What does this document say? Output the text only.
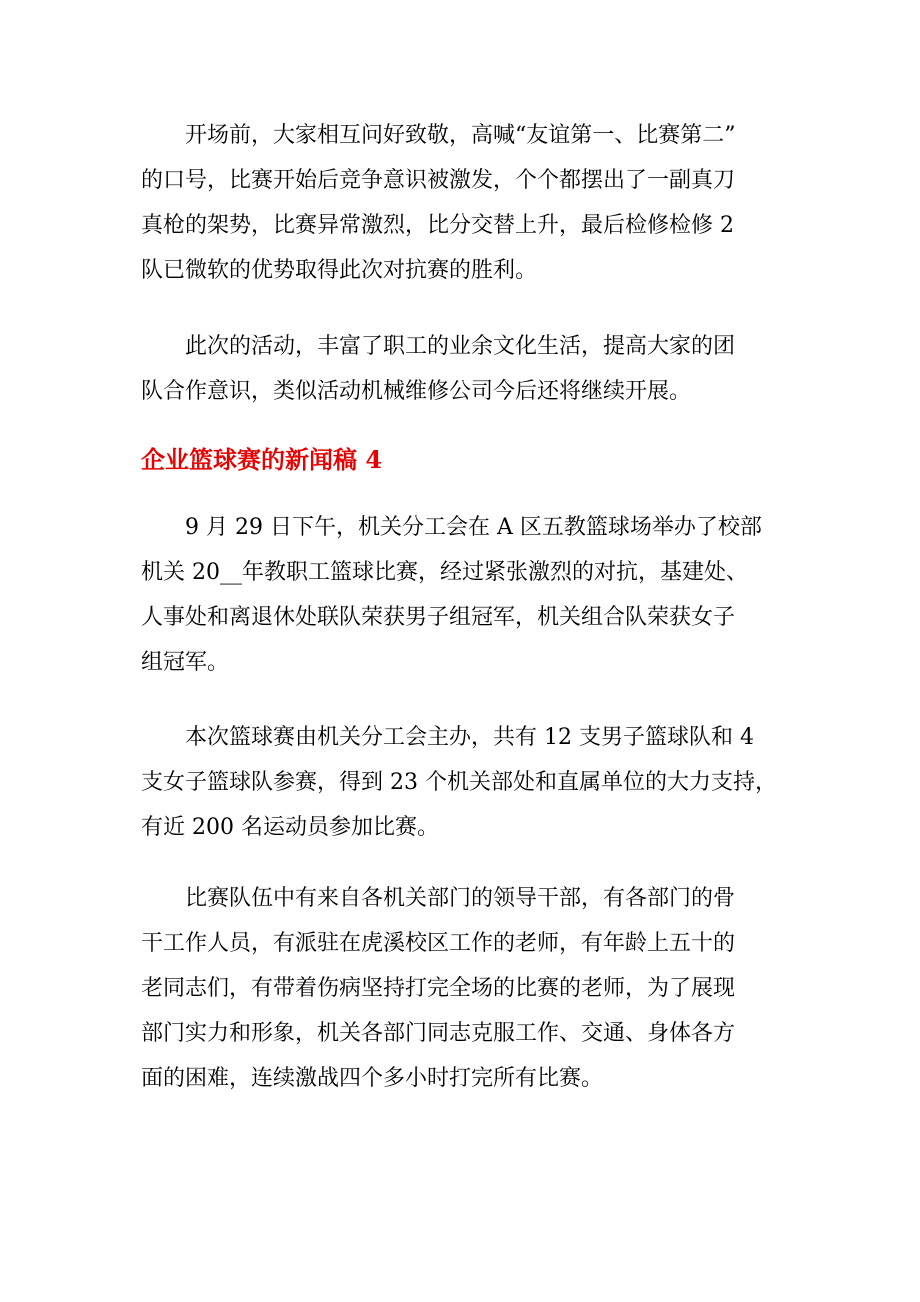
　　开场前，大家相互问好致敬，高喊“友谊第一、比赛第二”
的口号，比赛开始后竞争意识被激发，个个都摆出了一副真刀
真枪的架势，比赛异常激烈，比分交替上升，最后检修检修 2
队已微软的优势取得此次对抗赛的胜利。

　　此次的活动，丰富了职工的业余文化生活，提高大家的团
队合作意识，类似活动机械维修公司今后还将继续开展。

企业篮球赛的新闻稿 4

　　9 月 29 日下午，机关分工会在 A 区五教篮球场举办了校部
机关 20__年教职工篮球比赛，经过紧张激烈的对抗，基建处、
人事处和离退休处联队荣获男子组冠军，机关组合队荣获女子
组冠军。

　　本次篮球赛由机关分工会主办，共有 12 支男子篮球队和 4
支女子篮球队参赛，得到 23 个机关部处和直属单位的大力支持，
有近 200 名运动员参加比赛。

　　比赛队伍中有来自各机关部门的领导干部，有各部门的骨
干工作人员，有派驻在虎溪校区工作的老师，有年龄上五十的
老同志们，有带着伤病坚持打完全场的比赛的老师，为了展现
部门实力和形象，机关各部门同志克服工作、交通、身体各方
面的困难，连续激战四个多小时打完所有比赛。
